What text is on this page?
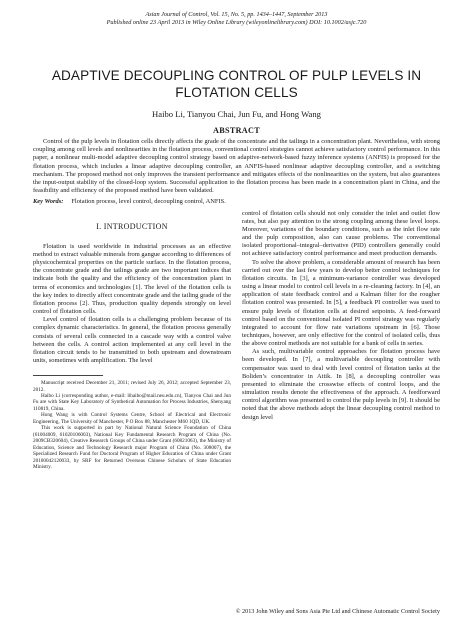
Asian Journal of Control, Vol. 15, No. 5, pp. 1434–1447, September 2013
Published online 23 April 2013 in Wiley Online Library (wileyonlinelibrary.com) DOI: 10.1002/asjc.720
ADAPTIVE DECOUPLING CONTROL OF PULP LEVELS IN
FLOTATION CELLS
Haibo Li, Tianyou Chai, Jun Fu, and Hong Wang
ABSTRACT
Control of the pulp levels in flotation cells directly affects the grade of the concentrate and the tailings in a concentration plant. Nevertheless, with strong coupling among cell levels and nonlinearities in the flotation process, conventional control strategies cannot achieve satisfactory control performance. In this paper, a nonlinear multi-model adaptive decoupling control strategy based on adaptive-network-based fuzzy inference systems (ANFIS) is proposed for the flotation process, which includes a linear adaptive decoupling controller, an ANFIS-based nonlinear adaptive decoupling controller, and a switching mechanism. The proposed method not only improves the transient performance and mitigates effects of the nonlinearities on the system, but also guarantees the input-output stability of the closed-loop system. Successful application to the flotation process has been made in a concentration plant in China, and the feasibility and efficiency of the proposed method have been validated.
Key Words: Flotation process, level control, decoupling control, ANFIS.
I. INTRODUCTION

Flotation is used worldwide in industrial processes as an effective method to extract valuable minerals from gangue according to differences of physicochemical properties on the particle surface. In the flotation process, the concentrate grade and the tailings grade are two important indices that indicate both the quality and the efficiency of the concentration plant in terms of economics and technologies [1]. The level of the flotation cells is the key index to directly affect concentrate grade and the tailing grade of the flotation process [2]. Thus, production quality depends strongly on level control of flotation cells.

Level control of flotation cells is a challenging problem because of its complex dynamic characteristics. In general, the flotation process generally consists of several cells connected in a cascade way with a control valve between the cells. A control action implemented at any cell level in the flotation circuit tends to be transmitted to both upstream and downstream units, sometimes with amplification. The level

Manuscript received December 21, 2011; revised July 26, 2012; accepted September 23, 2012.

Haibo Li (corresponding author, e-mail: lihaibo@mail.neu.edu.cn), Tianyou Chai and Jun Fu are with State Key Laboratory of Synthetical Automation for Process Industries, Shenyang 110819, China.

Hong Wang is with Control Systems Centre, School of Electrical and Electronic Engineering, The University of Manchester, P O Box 88, Manchester M60 1QD, UK.

This work is supported in part by National Natural Science Foundation of China (61004009, 61020106003), National Key Fundamental Research Program of China (No. 2009CB320604), Creative Research Groups of China under Grant (60821063), the Ministry of Education, Science and Technology Research major Program of China (No. 308007), the Specialized Research Fund for Doctoral Program of Higher Education of China under Grant 20100042120033, by SRF for Returned Overseas Chinese Scholars of State Education Ministry.

control of flotation cells should not only consider the inlet and outlet flow rates, but also pay attention to the strong coupling among these level loops. Moreover, variations of the boundary conditions, such as the inlet flow rate and the pulp composition, also can cause problems. The conventional isolated proportional–integral–derivative (PID) controllers generally could not achieve satisfactory control performance and meet production demands.

To solve the above problem, a considerable amount of research has been carried out over the last few years to develop better control techniques for flotation circuits. In [3], a minimum-variance controller was developed using a linear model to control cell levels in a re-cleaning factory. In [4], an application of state feedback control and a Kalman filter for the rougher flotation control was presented. In [5], a feedback PI controller was used to ensure pulp levels of flotation cells at desired setpoints. A feed-forward control based on the conventional isolated PI control strategy was regularly integrated to account for flow rate variations upstream in [6]. Those techniques, however, are only effective for the control of isolated cells, thus the above control methods are not suitable for a bank of cells in series.

As such, multivariable control approaches for flotation process have been developed. In [7], a multivariable decoupling controller with compensator was used to deal with level control of flotation tanks at the Boliden’s concentrator in Aitik. In [8], a decoupling controller was presented to eliminate the crosswise effects of control loops, and the simulation results denote the effectiveness of the approach. A feedforward control algorithm was presented to control the pulp levels in [9]. It should be noted that the above methods adopt the linear decoupling control method to design level

© 2013 John Wiley and Sons Asia Pte Ltd and Chinese Automatic Control Society
